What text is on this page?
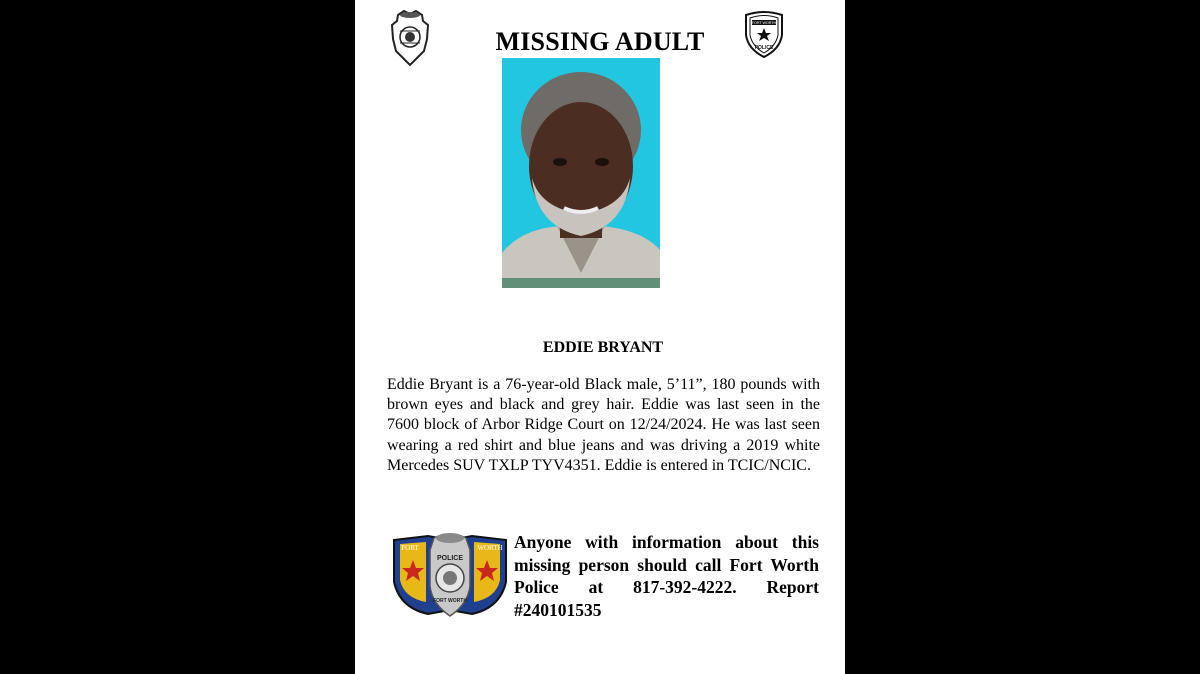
FORT WORTH
POLICE
MISSING ADULT
EDDIE BRYANT
Eddie Bryant is a 76-year-old Black male, 5’11”, 180 pounds with brown eyes and black and grey hair. Eddie was last seen in the 7600 block of Arbor Ridge Court on 12/24/2024. He was last seen wearing a red shirt and blue jeans and was driving a 2019 white Mercedes SUV TXLP TYV4351. Eddie is entered in TCIC/NCIC.
FORT	WORTH
POLICE
FORT WORTH
Anyone with information about this missing person should call Fort Worth Police at 817-392-4222. Report #240101535
